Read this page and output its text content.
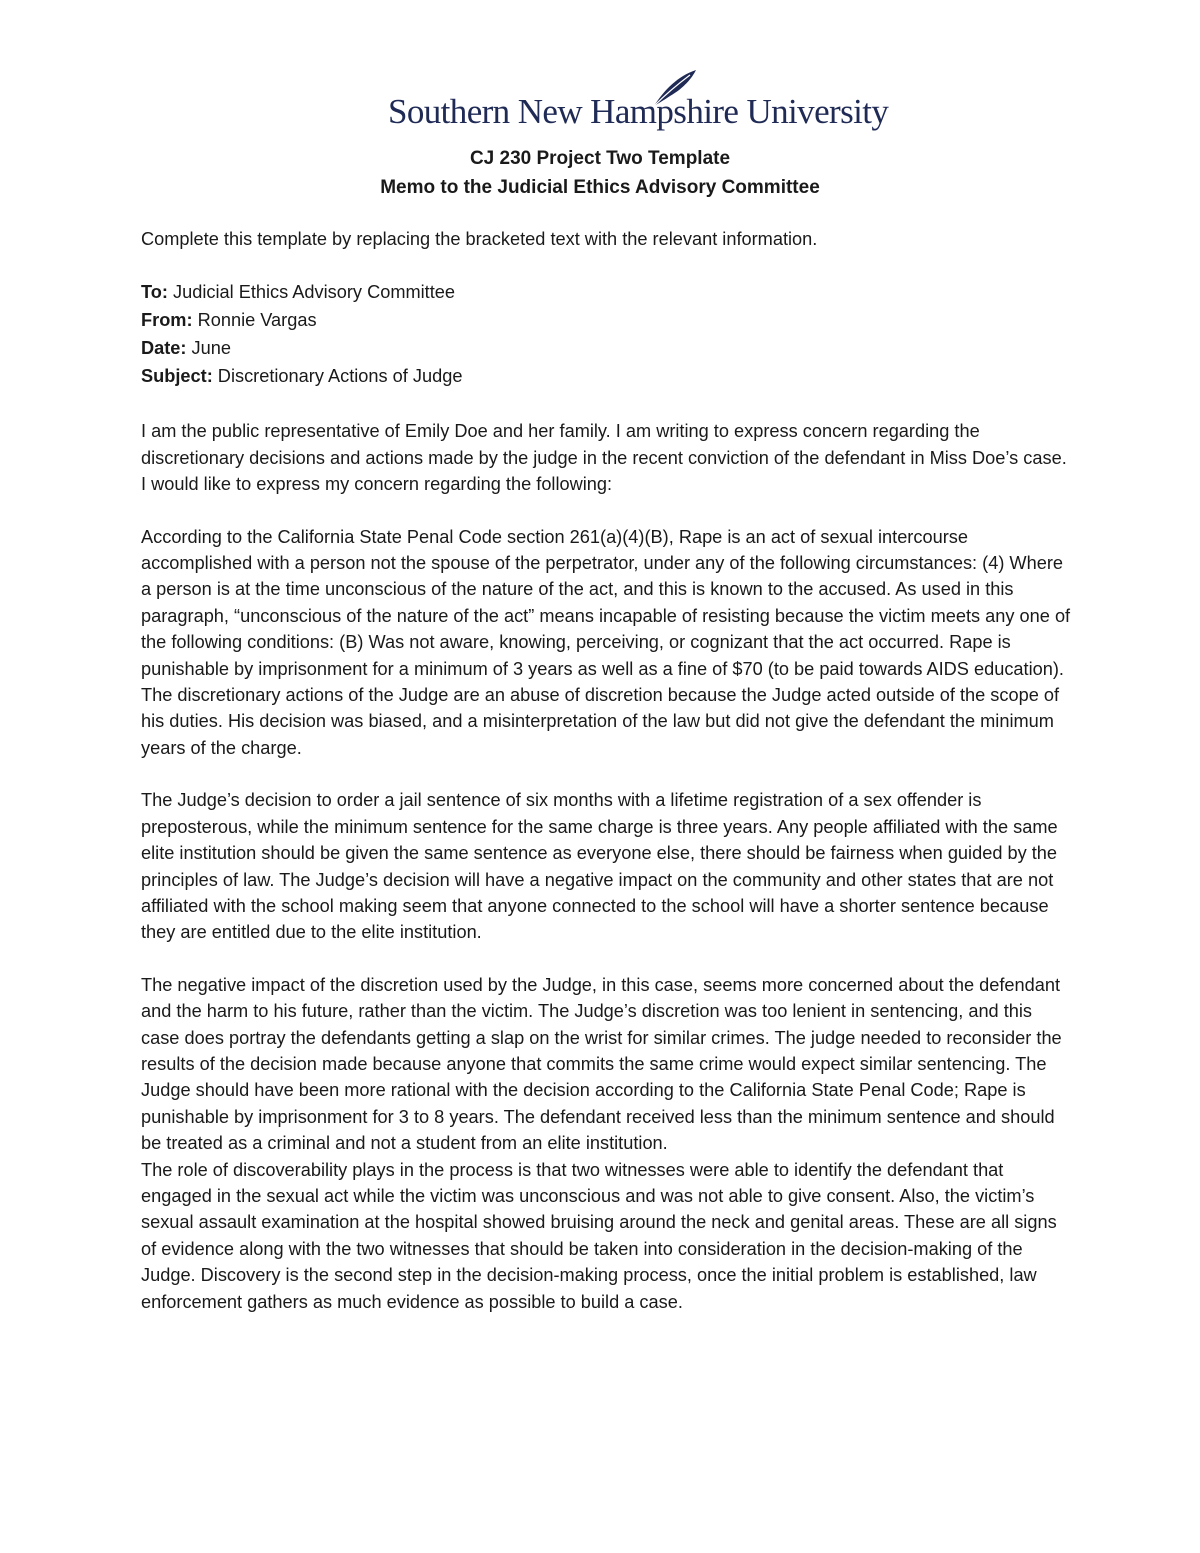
Southern New Hampshire University
CJ 230 Project Two Template
Memo to the Judicial Ethics Advisory Committee

Complete this template by replacing the bracketed text with the relevant information.

To: Judicial Ethics Advisory Committee
From: Ronnie Vargas
Date: June
Subject: Discretionary Actions of Judge

I am the public representative of Emily Doe and her family. I am writing to express concern regarding the discretionary decisions and actions made by the judge in the recent conviction of the defendant in Miss Doe’s case. I would like to express my concern regarding the following:

According to the California State Penal Code section 261(a)(4)(B), Rape is an act of sexual intercourse accomplished with a person not the spouse of the perpetrator, under any of the following circumstances: (4) Where a person is at the time unconscious of the nature of the act, and this is known to the accused. As used in this paragraph, “unconscious of the nature of the act” means incapable of resisting because the victim meets any one of the following conditions: (B) Was not aware, knowing, perceiving, or cognizant that the act occurred. Rape is punishable by imprisonment for a minimum of 3 years as well as a fine of $70 (to be paid towards AIDS education). The discretionary actions of the Judge are an abuse of discretion because the Judge acted outside of the scope of his duties. His decision was biased, and a misinterpretation of the law but did not give the defendant the minimum years of the charge.

The Judge’s decision to order a jail sentence of six months with a lifetime registration of a sex offender is preposterous, while the minimum sentence for the same charge is three years. Any people affiliated with the same elite institution should be given the same sentence as everyone else, there should be fairness when guided by the principles of law. The Judge’s decision will have a negative impact on the community and other states that are not affiliated with the school making seem that anyone connected to the school will have a shorter sentence because they are entitled due to the elite institution.

The negative impact of the discretion used by the Judge, in this case, seems more concerned about the defendant and the harm to his future, rather than the victim. The Judge’s discretion was too lenient in sentencing, and this case does portray the defendants getting a slap on the wrist for similar crimes. The judge needed to reconsider the results of the decision made because anyone that commits the same crime would expect similar sentencing. The Judge should have been more rational with the decision according to the California State Penal Code; Rape is punishable by imprisonment for 3 to 8 years. The defendant received less than the minimum sentence and should be treated as a criminal and not a student from an elite institution.

The role of discoverability plays in the process is that two witnesses were able to identify the defendant that engaged in the sexual act while the victim was unconscious and was not able to give consent. Also, the victim’s sexual assault examination at the hospital showed bruising around the neck and genital areas. These are all signs of evidence along with the two witnesses that should be taken into consideration in the decision-making of the Judge. Discovery is the second step in the decision-making process, once the initial problem is established, law enforcement gathers as much evidence as possible to build a case.
